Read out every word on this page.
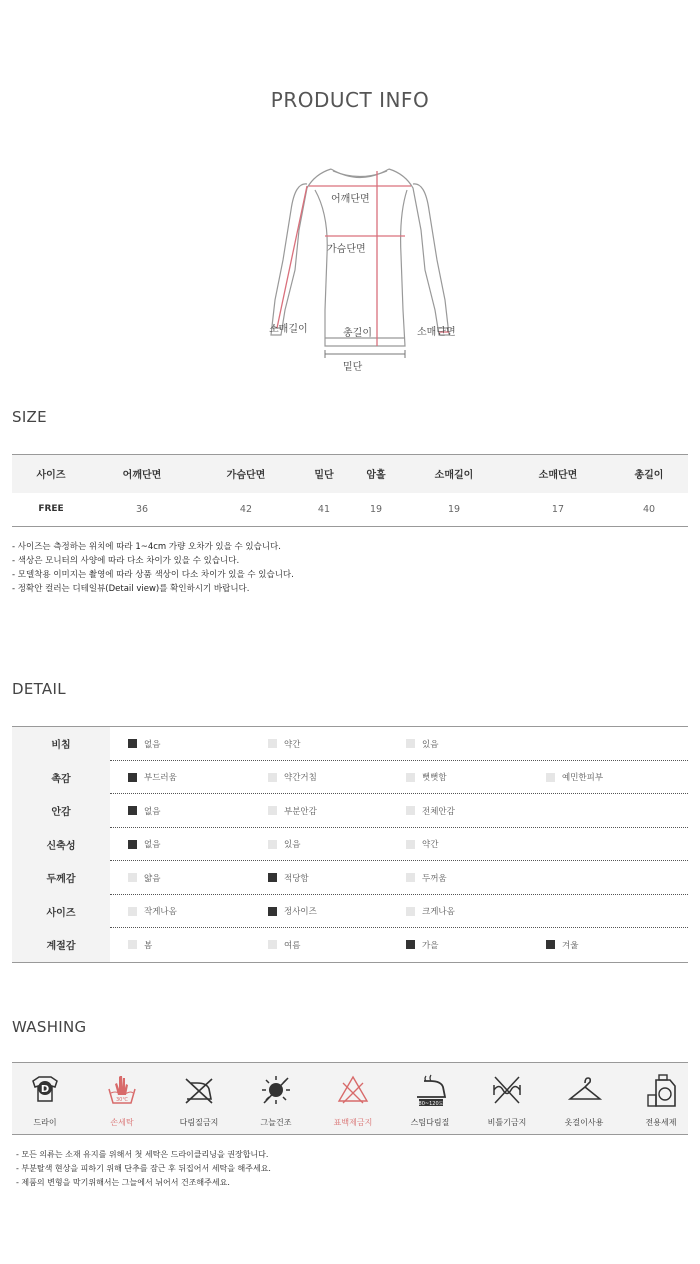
PRODUCT INFO
어깨단면
가슴단면
소매길이	총길이	소매단면
밑단
SIZE
사이즈	어깨단면	가슴단면	밑단	암홀	소매길이	소매단면	총길이
FREE	36	42	41	19	19	17	40
- 사이즈는 측정하는 위치에 따라 1~4cm 가량 오차가 있을 수 있습니다.
- 색상은 모니터의 사양에 따라 다소 차이가 있을 수 있습니다.
- 모델착용 이미지는 촬영에 따라 상품 색상이 다소 차이가 있을 수 있습니다.
- 정확안 컬러는 디테일뷰(Detail view)를 확인하시기 바랍니다.
DETAIL
비침	없음	약간	있음
촉감	부드러움	약간거침	뻣뻣함	예민한피부
안감	없음	부분안감	전체안감
신축성	없음	있음	약간
두께감	얇음	적당함	두꺼움
사이즈	작게나옴	정사이즈	크게나옴
계절감	봄	여름	가을	겨울
WASHING
D
드라이
30℃
손세탁	다림질금지	그늘건조	표백제금지
80~120도
스팀다림질	비틀기금지	옷걸이사용	전용세제
- 모든 의류는 소재 유지를 위해서 첫 세탁은 드라이클리닝을 권장합니다.
- 부분탈색 현상을 피하기 위해 단추를 잠근 후 뒤집어서 세탁을 해주세요.
- 제품의 변형을 막기위해서는 그늘에서 뉘어서 건조해주세요.
